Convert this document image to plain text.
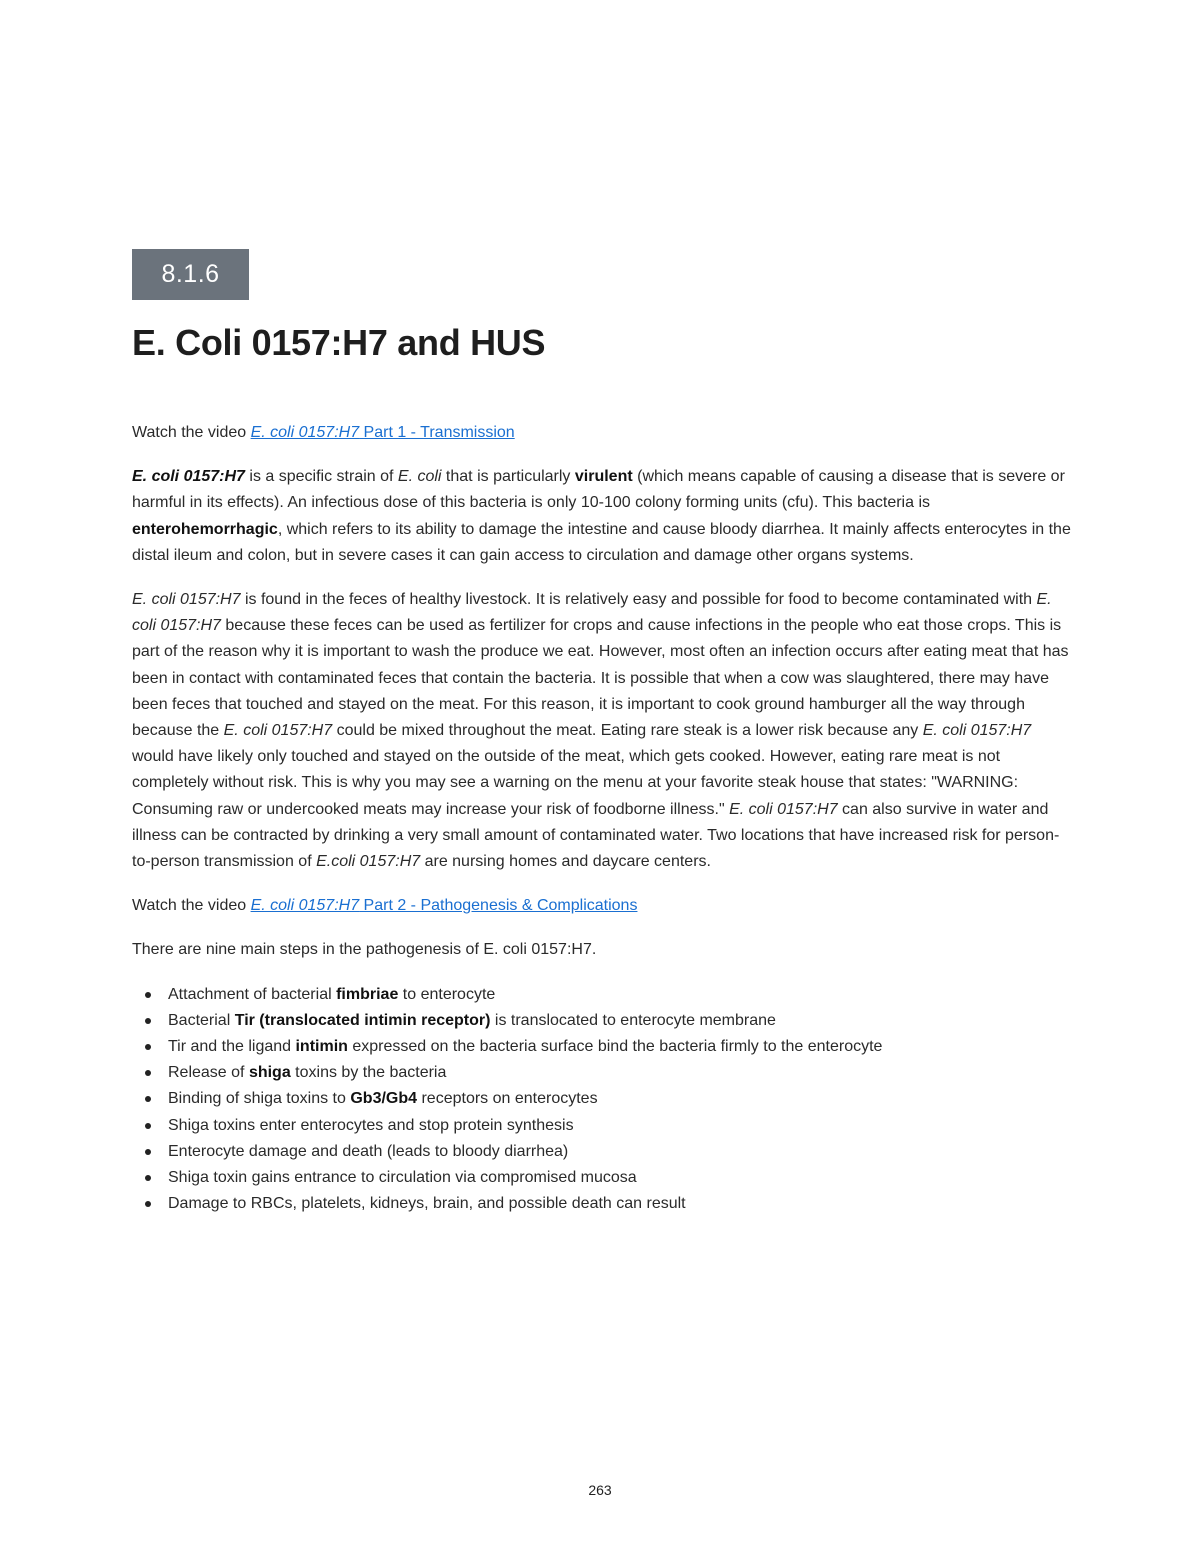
8.1.6
E. Coli 0157:H7 and HUS

Watch the video E. coli 0157:H7 Part 1 - Transmission

E. coli 0157:H7 is a specific strain of E. coli that is particularly virulent (which means capable of causing a disease that is severe or harmful in its effects). An infectious dose of this bacteria is only 10-100 colony forming units (cfu). This bacteria is enterohemorrhagic, which refers to its ability to damage the intestine and cause bloody diarrhea. It mainly affects enterocytes in the distal ileum and colon, but in severe cases it can gain access to circulation and damage other organs systems.

E. coli 0157:H7 is found in the feces of healthy livestock. It is relatively easy and possible for food to become contaminated with E. coli 0157:H7 because these feces can be used as fertilizer for crops and cause infections in the people who eat those crops. This is part of the reason why it is important to wash the produce we eat. However, most often an infection occurs after eating meat that has been in contact with contaminated feces that contain the bacteria. It is possible that when a cow was slaughtered, there may have been feces that touched and stayed on the meat. For this reason, it is important to cook ground hamburger all the way through because the E. coli 0157:H7 could be mixed throughout the meat. Eating rare steak is a lower risk because any E. coli 0157:H7 would have likely only touched and stayed on the outside of the meat, which gets cooked. However, eating rare meat is not completely without risk. This is why you may see a warning on the menu at your favorite steak house that states: "WARNING: Consuming raw or undercooked meats may increase your risk of foodborne illness." E. coli 0157:H7 can also survive in water and illness can be contracted by drinking a very small amount of contaminated water. Two locations that have increased risk for person-to-person transmission of E.coli 0157:H7 are nursing homes and daycare centers.

Watch the video E. coli 0157:H7 Part 2 - Pathogenesis & Complications

There are nine main steps in the pathogenesis of E. coli 0157:H7.

Attachment of bacterial fimbriae to enterocyte
Bacterial Tir (translocated intimin receptor) is translocated to enterocyte membrane
Tir and the ligand intimin expressed on the bacteria surface bind the bacteria firmly to the enterocyte
Release of shiga toxins by the bacteria
Binding of shiga toxins to Gb3/Gb4 receptors on enterocytes
Shiga toxins enter enterocytes and stop protein synthesis
Enterocyte damage and death (leads to bloody diarrhea)
Shiga toxin gains entrance to circulation via compromised mucosa
Damage to RBCs, platelets, kidneys, brain, and possible death can result
263
